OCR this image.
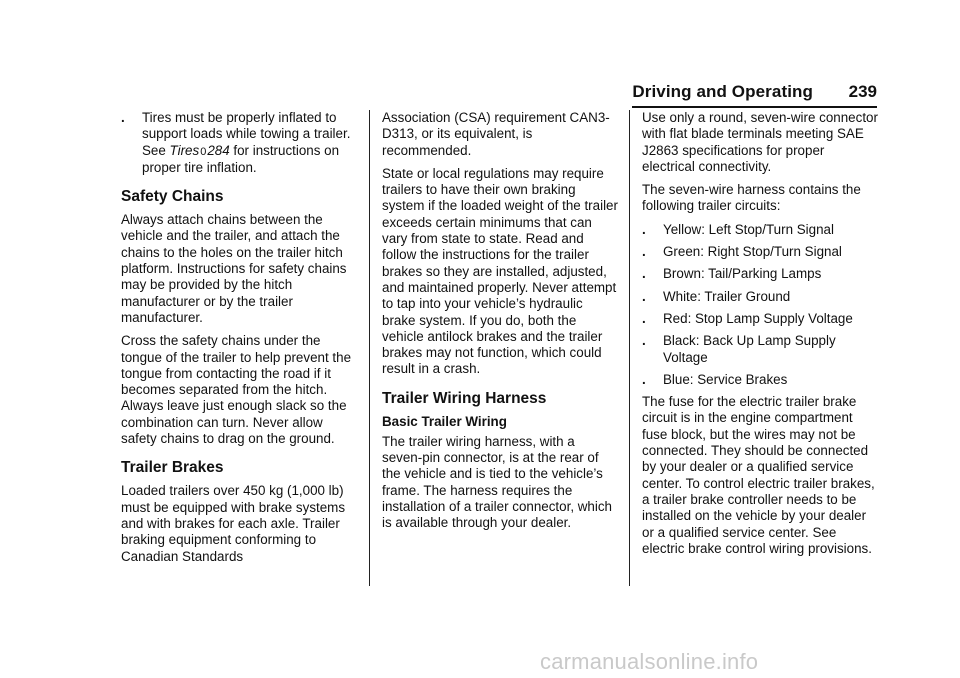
Driving and Operating 239
.	Tires must be properly inflated to support loads while towing a trailer. See Tires0284 for instructions on proper tire inflation.
Safety Chains

Always attach chains between the vehicle and the trailer, and attach the chains to the holes on the trailer hitch platform. Instructions for safety chains may be provided by the hitch manufacturer or by the trailer manufacturer.

Cross the safety chains under the tongue of the trailer to help prevent the tongue from contacting the road if it becomes separated from the hitch. Always leave just enough slack so the combination can turn. Never allow safety chains to drag on the ground.

Trailer Brakes

Loaded trailers over 450 kg (1,000 lb) must be equipped with brake systems and with brakes for each axle. Trailer braking equipment conforming to Canadian Standards

Association (CSA) requirement CAN3-D313, or its equivalent, is recommended.

State or local regulations may require trailers to have their own braking system if the loaded weight of the trailer exceeds certain minimums that can vary from state to state. Read and follow the instructions for the trailer brakes so they are installed, adjusted, and maintained properly. Never attempt to tap into your vehicle’s hydraulic brake system. If you do, both the vehicle antilock brakes and the trailer brakes may not function, which could result in a crash.

Trailer Wiring Harness
Basic Trailer Wiring

The trailer wiring harness, with a seven-pin connector, is at the rear of the vehicle and is tied to the vehicle’s frame. The harness requires the installation of a trailer connector, which is available through your dealer.

Use only a round, seven-wire connector with flat blade terminals meeting SAE J2863 specifications for proper electrical connectivity.

The seven-wire harness contains the following trailer circuits:

.	Yellow: Left Stop/Turn Signal
.	Green: Right Stop/Turn Signal
.	Brown: Tail/Parking Lamps
.	White: Trailer Ground
.	Red: Stop Lamp Supply Voltage
.	Black: Back Up Lamp Supply Voltage
.	Blue: Service Brakes

The fuse for the electric trailer brake circuit is in the engine compartment fuse block, but the wires may not be connected. They should be connected by your dealer or a qualified service center. To control electric trailer brakes, a trailer brake controller needs to be installed on the vehicle by your dealer or a qualified service center. See electric brake control wiring provisions.

carmanualsonline.info
